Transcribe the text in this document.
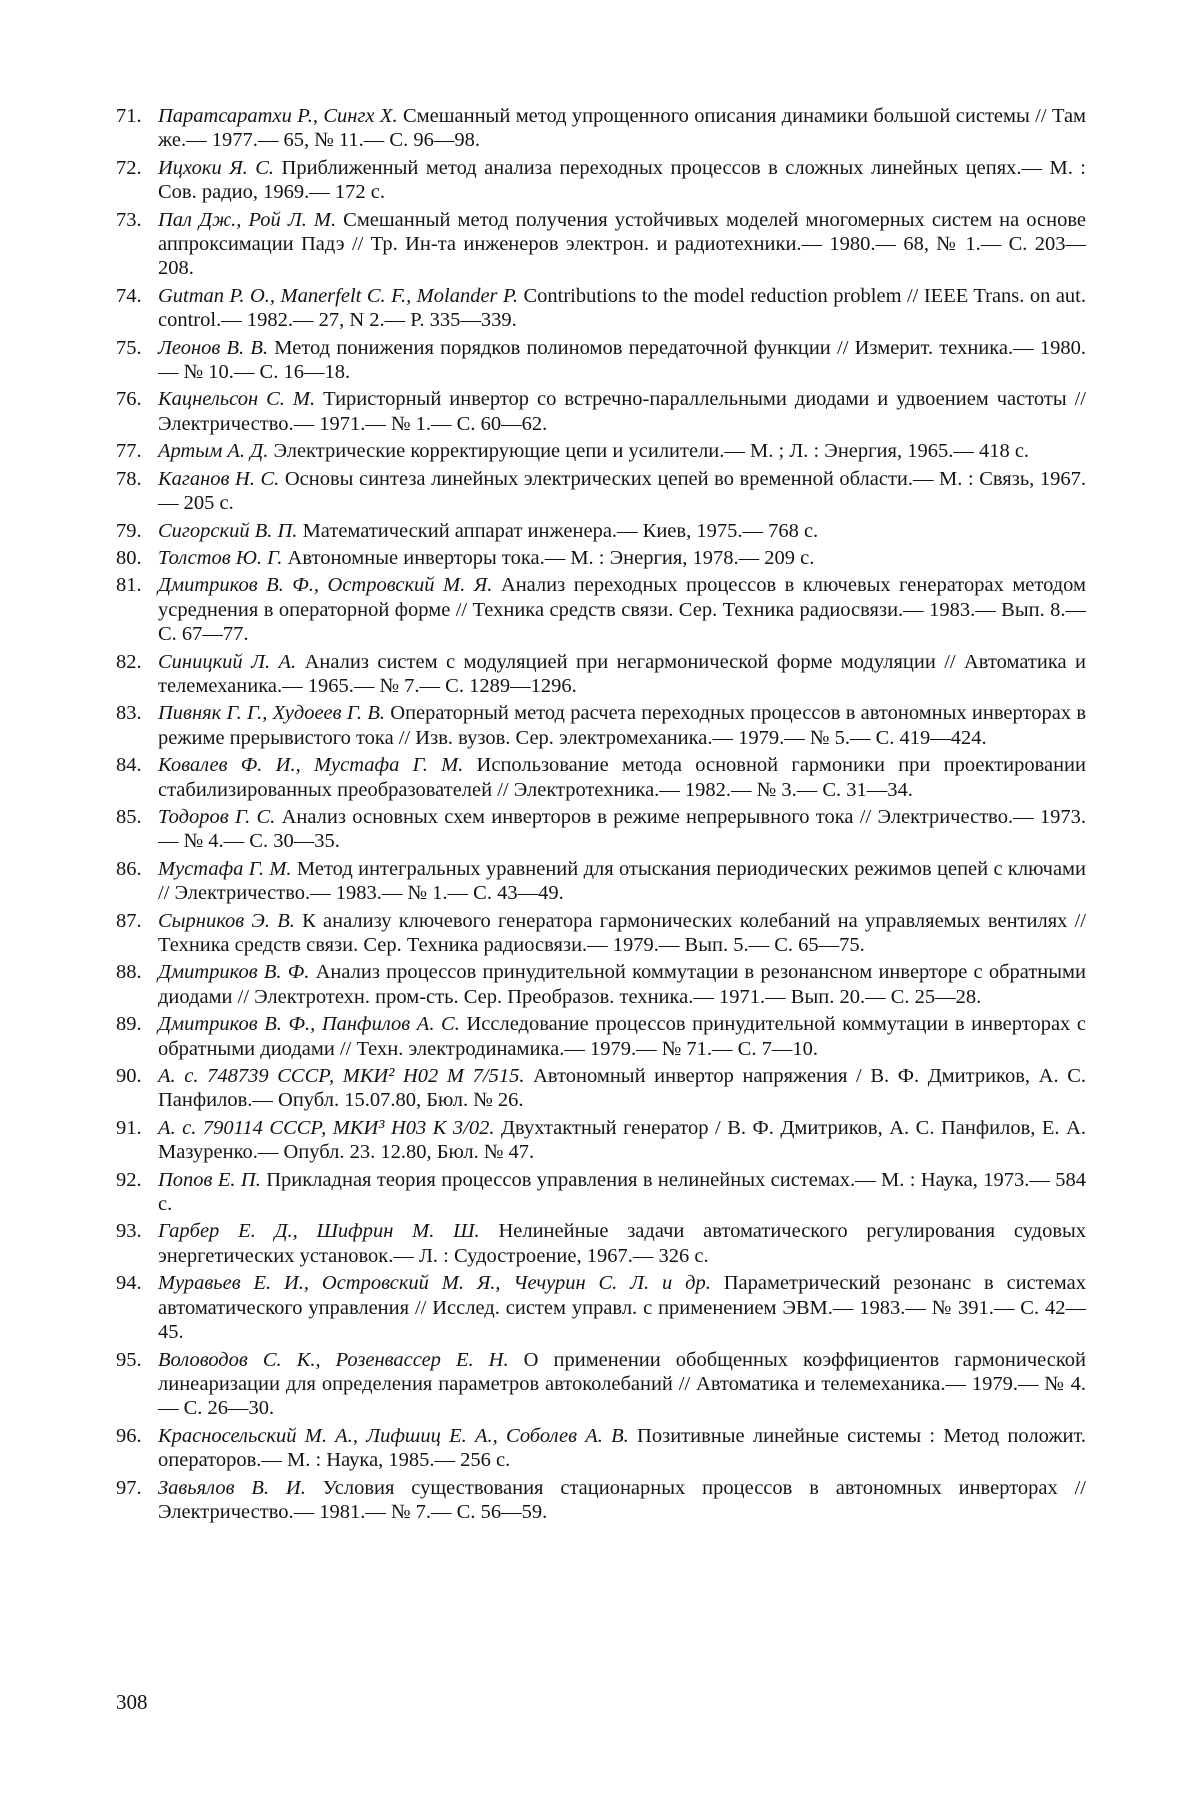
71. Паратсаратхи Р., Сингх Х. Смешанный метод упрощенного описания динамики большой системы // Там же.— 1977.— 65, № 11.— С. 96—98.
72. Ицхоки Я. С. Приближенный метод анализа переходных процессов в сложных линейных цепях.— М. : Сов. радио, 1969.— 172 с.
73. Пал Дж., Рой Л. М. Смешанный метод получения устойчивых моделей многомерных систем на основе аппроксимации Падэ // Тр. Ин-та инженеров электрон. и радиотехники.— 1980.— 68, № 1.— С. 203—208.
74. Gutman P. O., Manerfelt C. F., Molander P. Contributions to the model reduction problem // IEEE Trans. on aut. control.— 1982.— 27, N 2.— P. 335—339.
75. Леонов В. В. Метод понижения порядков полиномов передаточной функции // Измерит. техника.— 1980.— № 10.— С. 16—18.
76. Кацнельсон С. М. Тиристорный инвертор со встречно-параллельными диодами и удвоением частоты // Электричество.— 1971.— № 1.— С. 60—62.
77. Артым А. Д. Электрические корректирующие цепи и усилители.— М. ; Л. : Энергия, 1965.— 418 с.
78. Каганов Н. С. Основы синтеза линейных электрических цепей во временной области.— М. : Связь, 1967.— 205 с.
79. Сигорский В. П. Математический аппарат инженера.— Киев, 1975.— 768 с.
80. Толстов Ю. Г. Автономные инверторы тока.— М. : Энергия, 1978.— 209 с.
81. Дмитриков В. Ф., Островский М. Я. Анализ переходных процессов в ключевых генераторах методом усреднения в операторной форме // Техника средств связи. Сер. Техника радиосвязи.— 1983.— Вып. 8.— С. 67—77.
82. Синицкий Л. А. Анализ систем с модуляцией при негармонической форме модуляции // Автоматика и телемеханика.— 1965.— № 7.— С. 1289—1296.
83. Пивняк Г. Г., Худоеев Г. В. Операторный метод расчета переходных процессов в автономных инверторах в режиме прерывистого тока // Изв. вузов. Сер. электромеханика.— 1979.— № 5.— С. 419—424.
84. Ковалев Ф. И., Мустафа Г. М. Использование метода основной гармоники при проектировании стабилизированных преобразователей // Электротехника.— 1982.— № 3.— С. 31—34.
85. Тодоров Г. С. Анализ основных схем инверторов в режиме непрерывного тока // Электричество.— 1973.— № 4.— С. 30—35.
86. Мустафа Г. М. Метод интегральных уравнений для отыскания периодических режимов цепей с ключами // Электричество.— 1983.— № 1.— С. 43—49.
87. Сырников Э. В. К анализу ключевого генератора гармонических колебаний на управляемых вентилях // Техника средств связи. Сер. Техника радиосвязи.— 1979.— Вып. 5.— С. 65—75.
88. Дмитриков В. Ф. Анализ процессов принудительной коммутации в резонансном инверторе с обратными диодами // Электротехн. пром-сть. Сер. Преобразов. техника.— 1971.— Вып. 20.— С. 25—28.
89. Дмитриков В. Ф., Панфилов А. С. Исследование процессов принудительной коммутации в инверторах с обратными диодами // Техн. электродинамика.— 1979.— № 71.— С. 7—10.
90. А. с. 748739 СССР, МКИ² Н02 М 7/515. Автономный инвертор напряжения / В. Ф. Дмитриков, А. С. Панфилов.— Опубл. 15.07.80, Бюл. № 26.
91. А. с. 790114 СССР, МКИ³ Н03 К 3/02. Двухтактный генератор / В. Ф. Дмитриков, А. С. Панфилов, Е. А. Мазуренко.— Опубл. 23. 12.80, Бюл. № 47.
92. Попов Е. П. Прикладная теория процессов управления в нелинейных системах.— М. : Наука, 1973.— 584 с.
93. Гарбер Е. Д., Шифрин М. Ш. Нелинейные задачи автоматического регулирования судовых энергетических установок.— Л. : Судостроение, 1967.— 326 с.
94. Муравьев Е. И., Островский М. Я., Чечурин С. Л. и др. Параметрический резонанс в системах автоматического управления // Исслед. систем управл. с применением ЭВМ.— 1983.— № 391.— С. 42—45.
95. Воловодов С. К., Розенвассер Е. Н. О применении обобщенных коэффициентов гармонической линеаризации для определения параметров автоколебаний // Автоматика и телемеханика.— 1979.— № 4.— С. 26—30.
96. Красносельский М. А., Лифшиц Е. А., Соболев А. В. Позитивные линейные системы : Метод положит. операторов.— М. : Наука, 1985.— 256 с.
97. Завьялов В. И. Условия существования стационарных процессов в автономных инверторах // Электричество.— 1981.— № 7.— С. 56—59.
308
